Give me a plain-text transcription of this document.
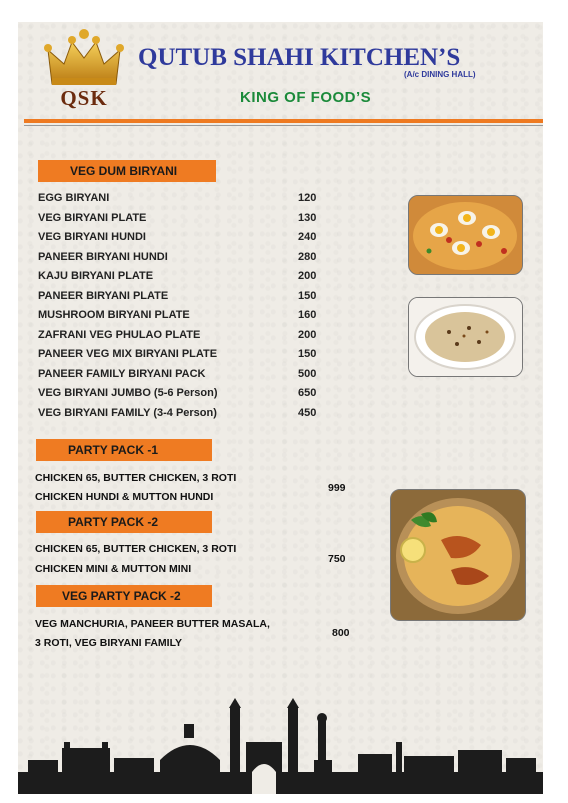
QSK
QUTUB SHAHI KITCHEN’S
(A/c DINING HALL)
KING OF FOOD’S
VEG DUM BIRYANI
EGG BIRYANI	120
VEG BIRYANI PLATE	130
VEG BIRYANI HUNDI	240
PANEER BIRYANI HUNDI	280
KAJU BIRYANI PLATE	200
PANEER BIRYANI PLATE	150
MUSHROOM BIRYANI PLATE	160
ZAFRANI VEG PHULAO PLATE	200
PANEER VEG MIX BIRYANI PLATE	150
PANEER FAMILY BIRYANI PACK	500
VEG BIRYANI JUMBO (5-6 Person)	650
VEG BIRYANI FAMILY (3-4 Person)	450
PARTY PACK -1
CHICKEN 65, BUTTER CHICKEN, 3 ROTI
CHICKEN HUNDI & MUTTON HUNDI
999
PARTY PACK -2
CHICKEN 65, BUTTER CHICKEN, 3 ROTI
CHICKEN MINI & MUTTON MINI
750
VEG PARTY PACK -2
VEG MANCHURIA, PANEER BUTTER MASALA,
3 ROTI, VEG BIRYANI FAMILY
800
